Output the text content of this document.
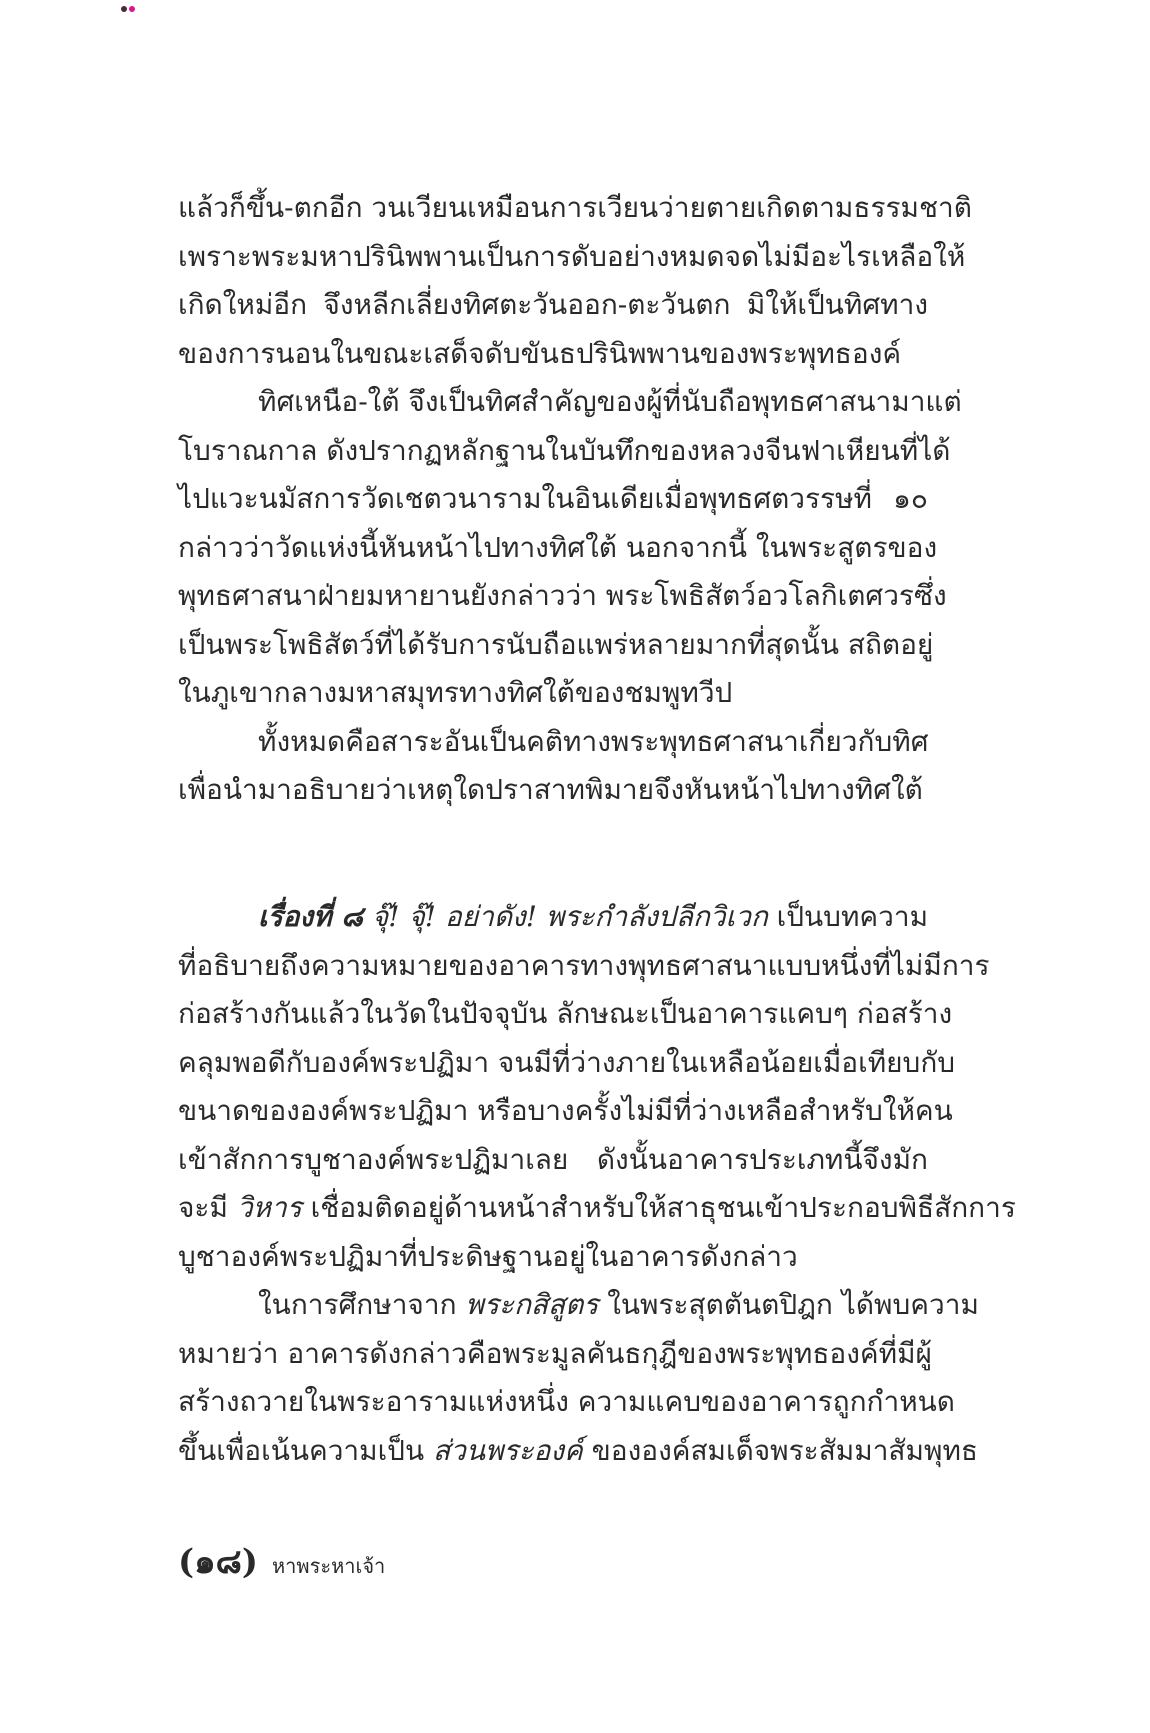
แล้วก็ขึ้น-ตกอีก วนเวียนเหมือนการเวียนว่ายตายเกิดตามธรรมชาติ
เพราะพระมหาปรินิพพานเป็นการดับอย่างหมดจดไม่มีอะไรเหลือให้
เกิดใหม่อีก จึงหลีกเลี่ยงทิศตะวันออก-ตะวันตก มิให้เป็นทิศทาง
ของการนอนในขณะเสด็จดับขันธปรินิพพานของพระพุทธองค์
ทิศเหนือ-ใต้ จึงเป็นทิศสำคัญของผู้ที่นับถือพุทธศาสนามาแต่
โบราณกาล ดังปรากฏหลักฐานในบันทึกของหลวงจีนฟาเหียนที่ได้
ไปแวะนมัสการวัดเชตวนารามในอินเดียเมื่อพุทธศตวรรษที่ ๑๐
กล่าวว่าวัดแห่งนี้หันหน้าไปทางทิศใต้ นอกจากนี้ ในพระสูตรของ
พุทธศาสนาฝ่ายมหายานยังกล่าวว่า พระโพธิสัตว์อวโลกิเตศวรซึ่ง
เป็นพระโพธิสัตว์ที่ได้รับการนับถือแพร่หลายมากที่สุดนั้น สถิตอยู่
ในภูเขากลางมหาสมุทรทางทิศใต้ของชมพูทวีป
ทั้งหมดคือสาระอันเป็นคติทางพระพุทธศาสนาเกี่ยวกับทิศ
เพื่อนำมาอธิบายว่าเหตุใดปราสาทพิมายจึงหันหน้าไปทางทิศใต้
เรื่องที่ ๘ จุ๊! จุ๊! อย่าดัง! พระกำลังปลีกวิเวก เป็นบทความ
ที่อธิบายถึงความหมายของอาคารทางพุทธศาสนาแบบหนึ่งที่ไม่มีการ
ก่อสร้างกันแล้วในวัดในปัจจุบัน ลักษณะเป็นอาคารแคบๆ ก่อสร้าง
คลุมพอดีกับองค์พระปฏิมา จนมีที่ว่างภายในเหลือน้อยเมื่อเทียบกับ
ขนาดขององค์พระปฏิมา หรือบางครั้งไม่มีที่ว่างเหลือสำหรับให้คน
เข้าสักการบูชาองค์พระปฏิมาเลย ดังนั้นอาคารประเภทนี้จึงมัก
จะมี วิหาร เชื่อมติดอยู่ด้านหน้าสำหรับให้สาธุชนเข้าประกอบพิธีสักการ
บูชาองค์พระปฏิมาที่ประดิษฐานอยู่ในอาคารดังกล่าว
ในการศึกษาจาก พระกสิสูตร ในพระสุตตันตปิฎก ได้พบความ
หมายว่า อาคารดังกล่าวคือพระมูลคันธกุฎีของพระพุทธองค์ที่มีผู้
สร้างถวายในพระอารามแห่งหนึ่ง ความแคบของอาคารถูกกำหนด
ขึ้นเพื่อเน้นความเป็น ส่วนพระองค์ ขององค์สมเด็จพระสัมมาสัมพุทธ
(๑๘) หาพระหาเจ้า
